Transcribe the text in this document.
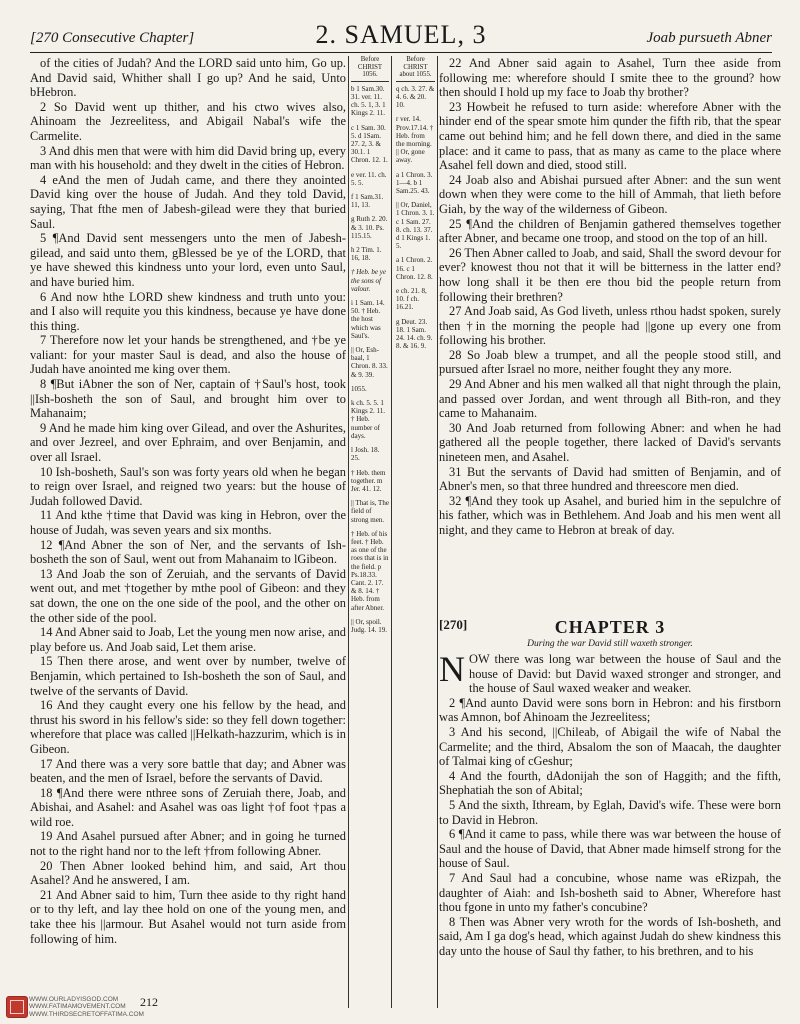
[270 Consecutive Chapter]	2. SAMUEL, 3	Joab pursueth Abner

of the cities of Judah? And the LORD said unto him, Go up. And David said, Whither shall I go up? And he said, Unto bHebron.

2 So David went up thither, and his ctwo wives also, Ahinoam the Jezreelitess, and Abigail Nabal's wife the Carmelite.

3 And dhis men that were with him did David bring up, every man with his household: and they dwelt in the cities of Hebron.

4 eAnd the men of Judah came, and there they anointed David king over the house of Judah. And they told David, saying, That fthe men of Jabesh-gilead were they that buried Saul.

5 ¶And David sent messengers unto the men of Jabesh-gilead, and said unto them, gBlessed be ye of the LORD, that ye have shewed this kindness unto your lord, even unto Saul, and have buried him.

6 And now hthe LORD shew kindness and truth unto you: and I also will requite you this kindness, because ye have done this thing.

7 Therefore now let your hands be strengthened, and †be ye valiant: for your master Saul is dead, and also the house of Judah have anointed me king over them.

8 ¶But iAbner the son of Ner, captain of †Saul's host, took ||Ish-bosheth the son of Saul, and brought him over to Mahanaim;

9 And he made him king over Gilead, and over the Ashurites, and over Jezreel, and over Ephraim, and over Benjamin, and over all Israel.

10 Ish-bosheth, Saul's son was forty years old when he began to reign over Israel, and reigned two years: but the house of Judah followed David.

11 And kthe †time that David was king in Hebron, over the house of Judah, was seven years and six months.

12 ¶And Abner the son of Ner, and the servants of Ish-bosheth the son of Saul, went out from Mahanaim to lGibeon.

13 And Joab the son of Zeruiah, and the servants of David went out, and met †together by mthe pool of Gibeon: and they sat down, the one on the one side of the pool, and the other on the other side of the pool.

14 And Abner said to Joab, Let the young men now arise, and play before us. And Joab said, Let them arise.

15 Then there arose, and went over by number, twelve of Benjamin, which pertained to Ish-bosheth the son of Saul, and twelve of the servants of David.

16 And they caught every one his fellow by the head, and thrust his sword in his fellow's side: so they fell down together: wherefore that place was called ||Helkath-hazzurim, which is in Gibeon.

17 And there was a very sore battle that day; and Abner was beaten, and the men of Israel, before the servants of David.

18 ¶And there were nthree sons of Zeruiah there, Joab, and Abishai, and Asahel: and Asahel was oas light †of foot †pas a wild roe.

19 And Asahel pursued after Abner; and in going he turned not to the right hand nor to the left †from following Abner.

20 Then Abner looked behind him, and said, Art thou Asahel? And he answered, I am.

21 And Abner said to him, Turn thee aside to thy right hand or to thy left, and lay thee hold on one of the young men, and take thee his ||armour. But Asahel would not turn aside from following of him.

Before CHRIST 1056.
b 1 Sam.30. 31. ver. 11. ch. 5. 1, 3. 1 Kings 2. 11.
c 1 Sam. 30. 5. d 1Sam. 27. 2, 3. & 30.1. 1 Chron. 12. 1.
e ver. 11. ch. 5. 5.
f 1 Sam.31. 11, 13.
g Ruth 2. 20. & 3. 10. Ps. 115.15.
h 2 Tim. 1. 16, 18.
† Heb. be ye the sons of valour.
i 1 Sam. 14. 50. † Heb. the host which was Saul's.
|| Or, Esh-baal, 1 Chron. 8. 33. & 9. 39.
1055.
k ch. 5. 5. 1 Kings 2. 11. † Heb. number of days.
l Josh. 18. 25.
† Heb. them together. m Jer. 41. 12.
|| That is, The field of strong men.
† Heb. of his feet. † Heb. as one of the roes that is in the field. p Ps.18.33. Cant. 2. 17. & 8. 14. † Heb. from after Abner.
|| Or, spoil. Judg. 14. 19.
Before CHRIST about 1055.
q ch. 3. 27. & 4. 6. & 20. 10.
r ver. 14. Prov.17.14. † Heb. from the morning. || Or, gone away.
a 1 Chron. 3. 1—4. b 1 Sam.25. 43.
|| Or, Daniel, 1 Chron. 3. 1. c 1 Sam. 27. 8. ch. 13. 37. d 1 Kings 1. 5.
a 1 Chron. 2. 16. c 1 Chron. 12. 8.
e ch. 21. 8, 10. f ch. 16.21.
g Deut. 23. 18. 1 Sam. 24. 14. ch. 9. 8. & 16. 9.

22 And Abner said again to Asahel, Turn thee aside from following me: wherefore should I smite thee to the ground? how then should I hold up my face to Joab thy brother?

23 Howbeit he refused to turn aside: wherefore Abner with the hinder end of the spear smote him qunder the fifth rib, that the spear came out behind him; and he fell down there, and died in the same place: and it came to pass, that as many as came to the place where Asahel fell down and died, stood still.

24 Joab also and Abishai pursued after Abner: and the sun went down when they were come to the hill of Ammah, that lieth before Giah, by the way of the wilderness of Gibeon.

25 ¶And the children of Benjamin gathered themselves together after Abner, and became one troop, and stood on the top of an hill.

26 Then Abner called to Joab, and said, Shall the sword devour for ever? knowest thou not that it will be bitterness in the latter end? how long shall it be then ere thou bid the people return from following their brethren?

27 And Joab said, As God liveth, unless rthou hadst spoken, surely then †in the morning the people had ||gone up every one from following his brother.

28 So Joab blew a trumpet, and all the people stood still, and pursued after Israel no more, neither fought they any more.

29 And Abner and his men walked all that night through the plain, and passed over Jordan, and went through all Bith-ron, and they came to Mahanaim.

30 And Joab returned from following Abner: and when he had gathered all the people together, there lacked of David's servants nineteen men, and Asahel.

31 But the servants of David had smitten of Benjamin, and of Abner's men, so that three hundred and threescore men died.

32 ¶And they took up Asahel, and buried him in the sepulchre of his father, which was in Bethlehem. And Joab and his men went all night, and they came to Hebron at break of day.

[270]	CHAPTER 3
During the war David still waxeth stronger.

NOW there was long war between the house of Saul and the house of David: but David waxed stronger and stronger, and the house of Saul waxed weaker and weaker.

2 ¶And aunto David were sons born in Hebron: and his firstborn was Amnon, bof Ahinoam the Jezreelitess;

3 And his second, ||Chileab, of Abigail the wife of Nabal the Carmelite; and the third, Absalom the son of Maacah, the daughter of Talmai king of cGeshur;

4 And the fourth, dAdonijah the son of Haggith; and the fifth, Shephatiah the son of Abital;

5 And the sixth, Ithream, by Eglah, David's wife. These were born to David in Hebron.

6 ¶And it came to pass, while there was war between the house of Saul and the house of David, that Abner made himself strong for the house of Saul.

7 And Saul had a concubine, whose name was eRizpah, the daughter of Aiah: and Ish-bosheth said to Abner, Wherefore hast thou fgone in unto my father's concubine?

8 Then was Abner very wroth for the words of Ish-bosheth, and said, Am I ga dog's head, which against Judah do shew kindness this day unto the house of Saul thy father, to his brethren, and to his

WWW.OURLADYISGOD.COM
WWW.FATIMAMOVEMENT.COM
WWW.THIRDSECRETOFFATIMA.COM
212
